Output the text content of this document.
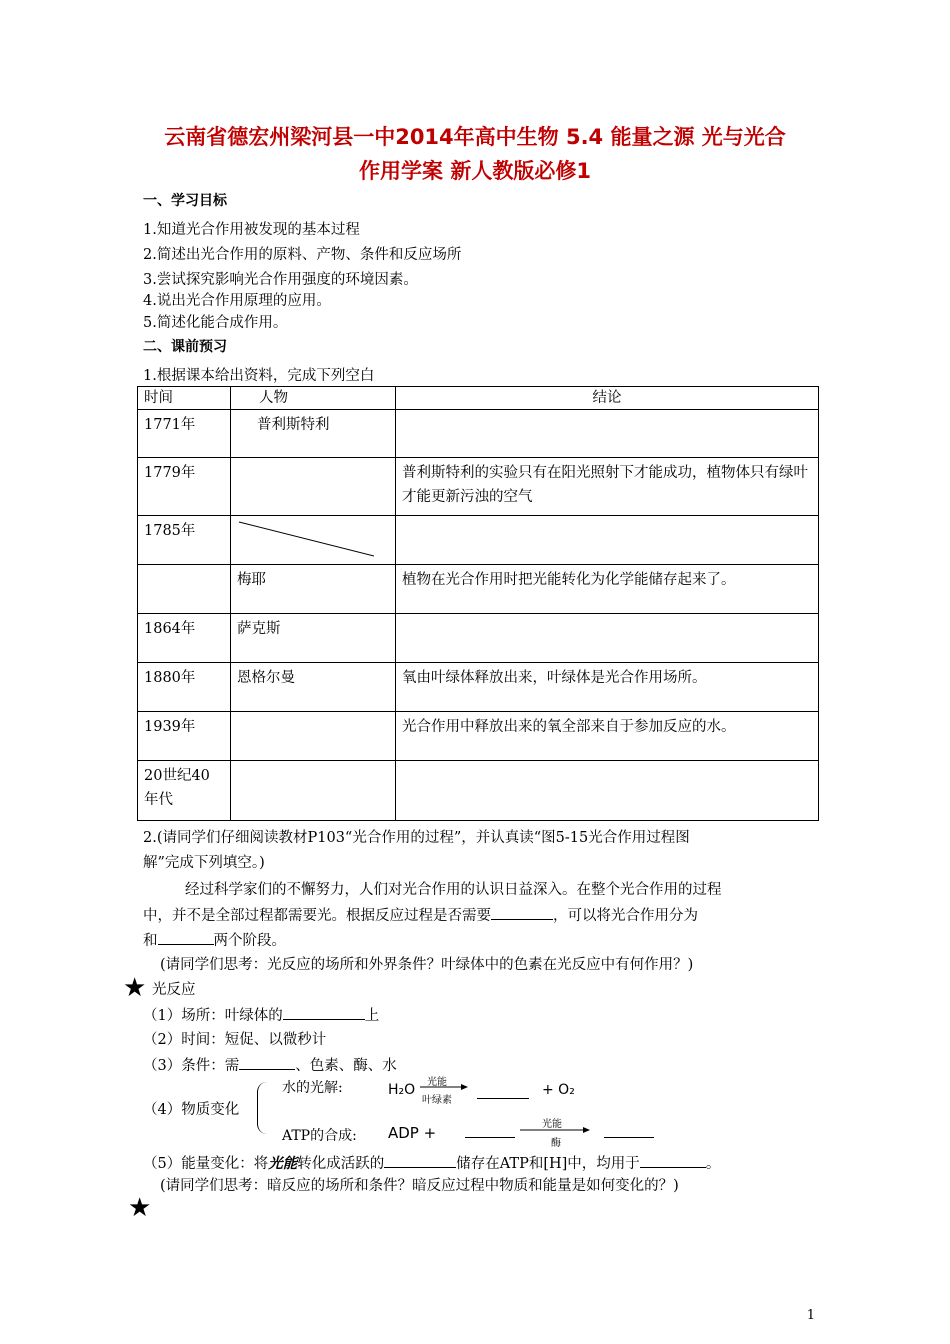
云南省德宏州梁河县一中2014年高中生物 5.4 能量之源 光与光合
作用学案 新人教版必修1
一、学习目标
1.知道光合作用被发现的基本过程
2.简述出光合作用的原料、产物、条件和反应场所
3.尝试探究影响光合作用强度的环境因素。
4.说出光合作用原理的应用。
5.简述化能合成作用。
二、课前预习
1.根据课本给出资料，完成下列空白
时间	人物	结论
1771年	普利斯特利	
1779年		普利斯特利的实验只有在阳光照射下才能成功，植物体只有绿叶才能更新污浊的空气
1785年	

	梅耶	植物在光合作用时把光能转化为化学能储存起来了。
1864年	萨克斯	
1880年	恩格尔曼	氧由叶绿体释放出来，叶绿体是光合作用场所。
1939年		光合作用中释放出来的氧全部来自于参加反应的水。
20世纪40年代		
2.(请同学们仔细阅读教材P103“光合作用的过程”，并认真读“图5-15光合作用过程图
解”完成下列填空。)
经过科学家们的不懈努力，人们对光合作用的认识日益深入。在整个光合作用的过程
中，并不是全部过程都需要光。根据反应过程是否需要	，可以将光合作用分为
和	两个阶段。
(请同学们思考：光反应的场所和外界条件？叶绿体中的色素在光反应中有何作用？)
★ 光反应
（1）场所：叶绿体的	上
（2）时间：短促、以微秒计
（3）条件：需	、色素、酶、水
（4）物质变化
水的光解:	H₂O 光能
叶绿素
+ O₂
ATP的合成: ADP +	光能
酶
（5）能量变化：将光能转化成活跃的	储存在ATP和[H]中，均用于	。
(请同学们思考：暗反应的场所和条件？暗反应过程中物质和能量是如何变化的？)
★
1
